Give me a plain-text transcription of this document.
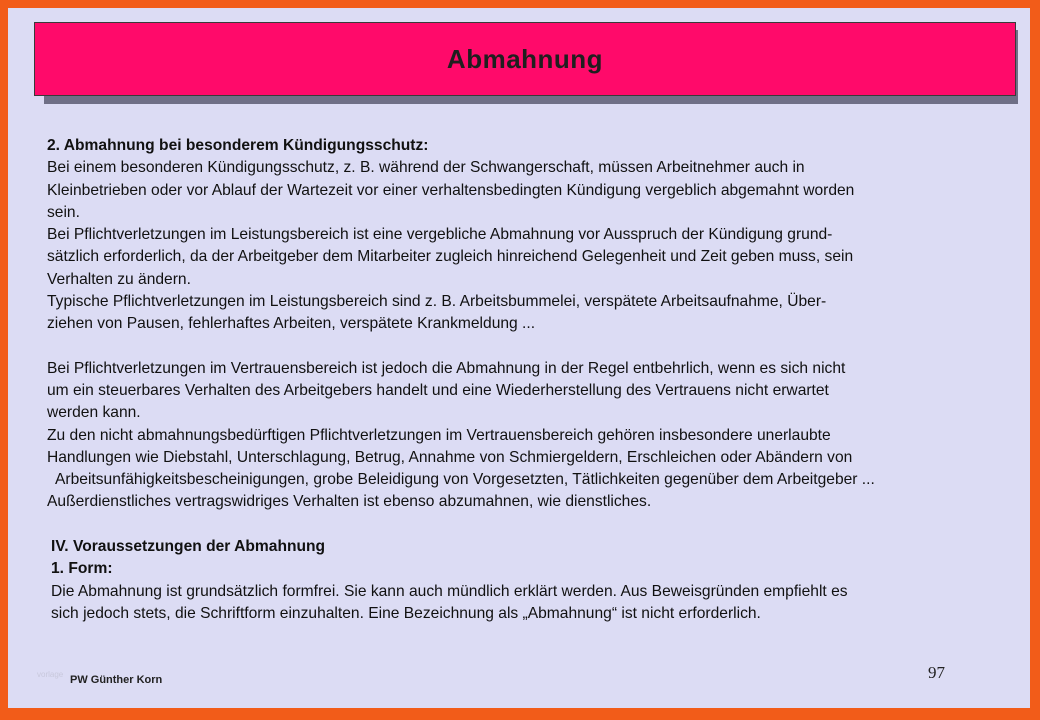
Abmahnung

2. Abmahnung bei besonderem Kündigungsschutz:

Bei einem besonderen Kündigungsschutz, z. B. während der Schwangerschaft, müssen Arbeitnehmer auch in

Kleinbetrieben oder vor Ablauf der Wartezeit vor einer verhaltensbedingten Kündigung vergeblich abgemahnt worden

sein.

Bei Pflichtverletzungen im Leistungsbereich ist eine vergebliche Abmahnung vor Ausspruch der Kündigung grund-

sätzlich erforderlich, da der Arbeitgeber dem Mitarbeiter zugleich hinreichend Gelegenheit und Zeit geben muss, sein

Verhalten zu ändern.

Typische Pflichtverletzungen im Leistungsbereich sind z. B. Arbeitsbummelei, verspätete Arbeitsaufnahme, Über-

ziehen von Pausen, fehlerhaftes Arbeiten, verspätete Krankmeldung ...

Bei Pflichtverletzungen im Vertrauensbereich ist jedoch die Abmahnung in der Regel entbehrlich, wenn es sich nicht

um ein steuerbares Verhalten des Arbeitgebers handelt und eine Wiederherstellung des Vertrauens nicht erwartet

werden kann.

Zu den nicht abmahnungsbedürftigen Pflichtverletzungen im Vertrauensbereich gehören insbesondere unerlaubte

Handlungen wie Diebstahl, Unterschlagung, Betrug, Annahme von Schmiergeldern, Erschleichen oder Abändern von

Arbeitsunfähigkeitsbescheinigungen, grobe Beleidigung von Vorgesetzten, Tätlichkeiten gegenüber dem Arbeitgeber ...

Außerdienstliches vertragswidriges Verhalten ist ebenso abzumahnen, wie dienstliches.

IV. Voraussetzungen der Abmahnung

1. Form:

Die Abmahnung ist grundsätzlich formfrei. Sie kann auch mündlich erklärt werden. Aus Beweisgründen empfiehlt es

sich jedoch stets, die Schriftform einzuhalten. Eine Bezeichnung als „Abmahnung“ ist nicht erforderlich.

vorlage PW Günther Korn	97
